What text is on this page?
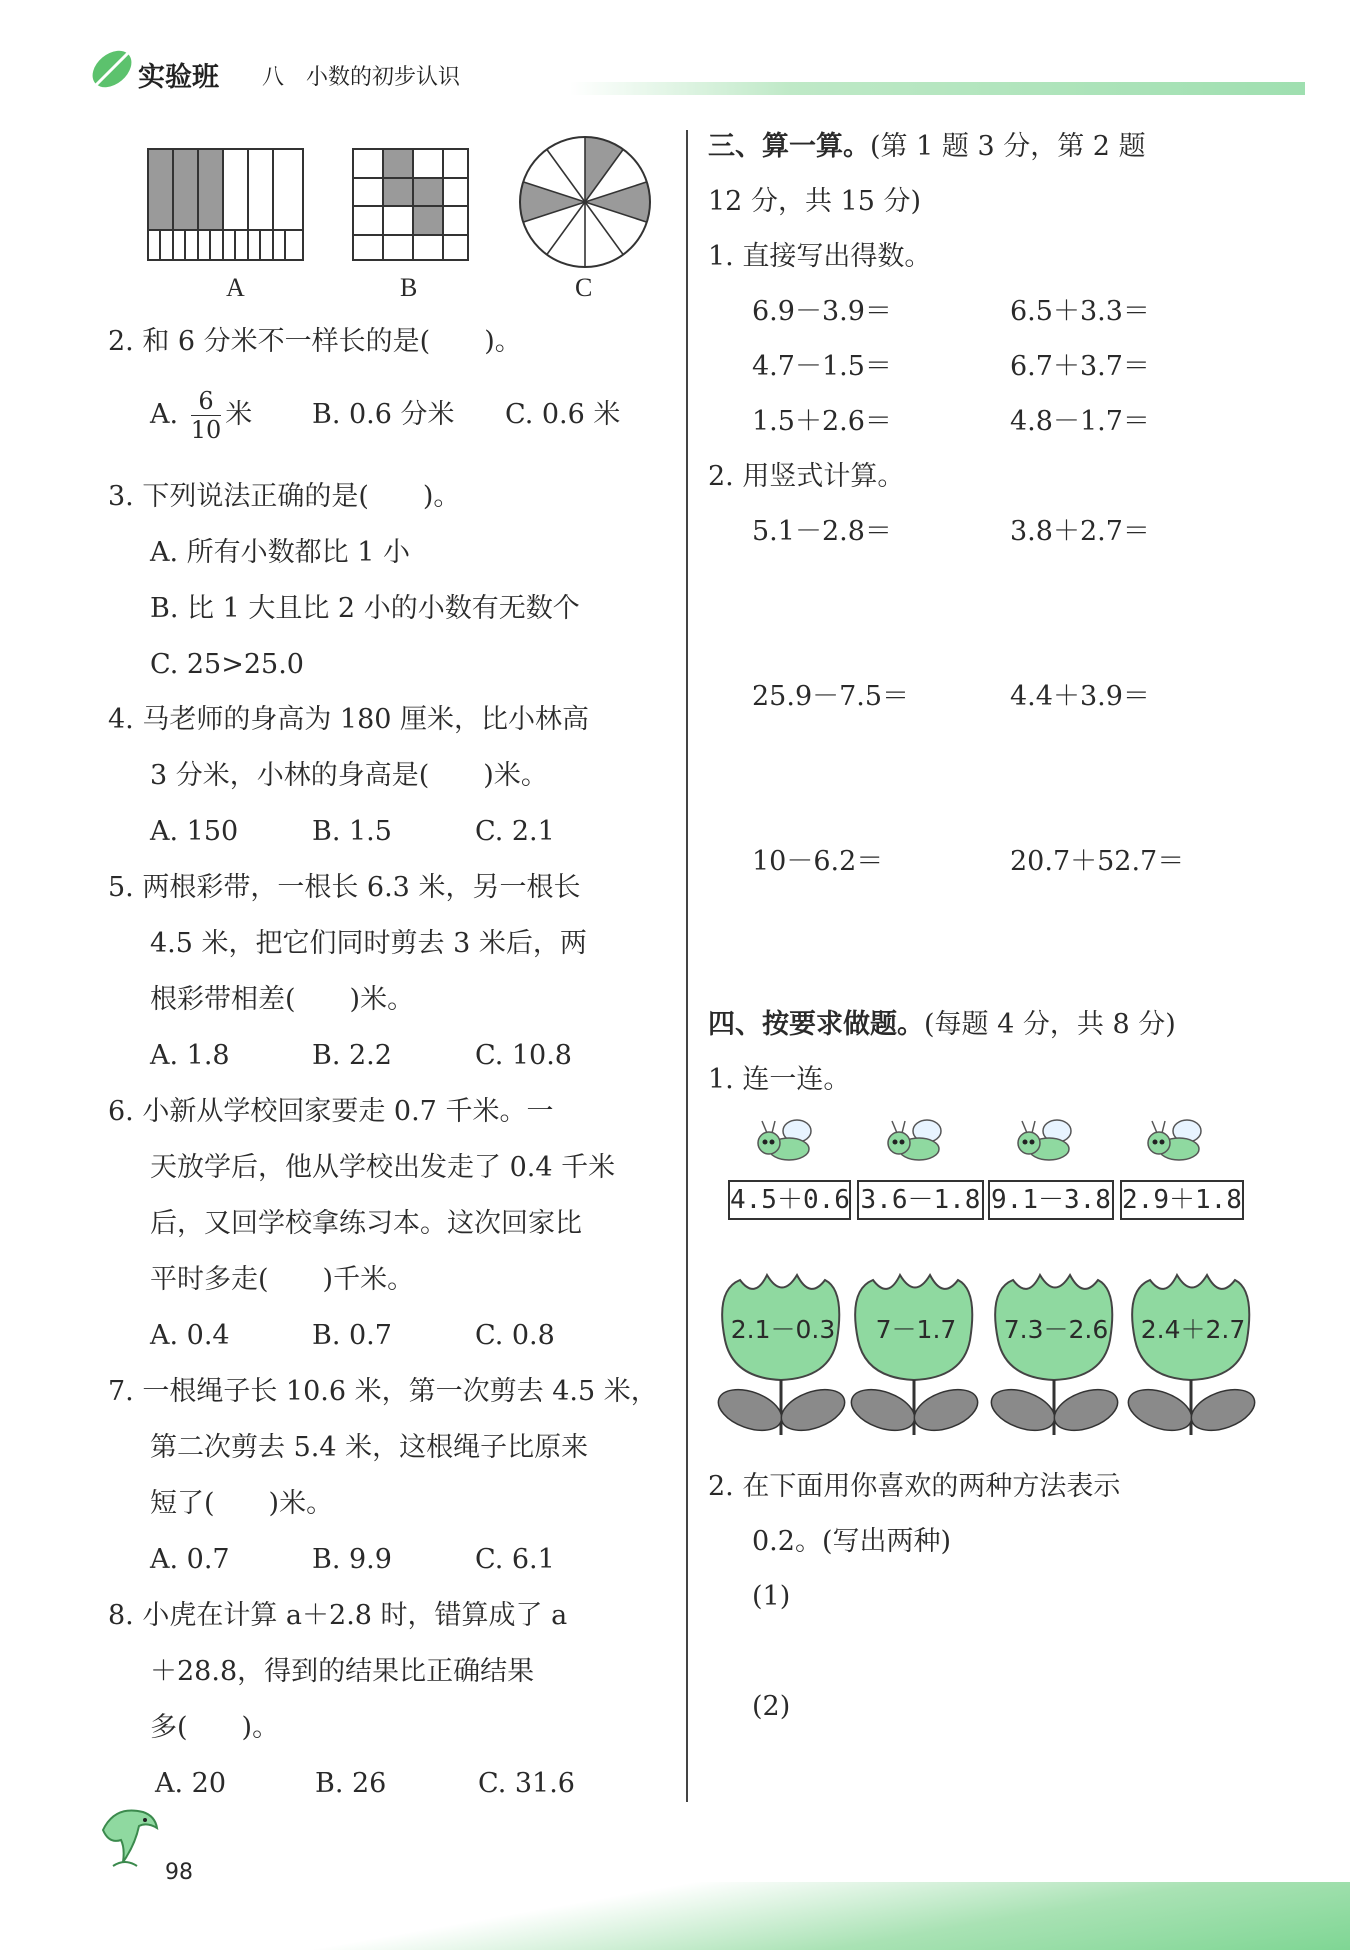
实验班 八　小数的初步认识
A	B	C
2. 和 6 分米不一样长的是(　　)。
A. $\frac{6}{10}$ 米 B. 0.6 分米 C. 0.6 米
3. 下列说法正确的是(　　)。
A. 所有小数都比 1 小
B. 比 1 大且比 2 小的小数有无数个
C. 25>25.0
4. 马老师的身高为 180 厘米，比小林高
3 分米，小林的身高是(　　)米。
A. 150	B. 1.5	C. 2.1
5. 两根彩带，一根长 6.3 米，另一根长
4.5 米，把它们同时剪去 3 米后，两
根彩带相差(　　)米。
A. 1.8	B. 2.2	C. 10.8
6. 小新从学校回家要走 0.7 千米。一
天放学后，他从学校出发走了 0.4 千米
后，又回学校拿练习本。这次回家比
平时多走(　　)千米。
A. 0.4	B. 0.7	C. 0.8
7. 一根绳子长 10.6 米，第一次剪去 4.5 米，
第二次剪去 5.4 米，这根绳子比原来
短了(　　)米。
A. 0.7	B. 9.9	C. 6.1
8. 小虎在计算 a＋2.8 时，错算成了 a
＋28.8，得到的结果比正确结果
多(　　)。
A. 20	B. 26	C. 31.6
三、算一算。(第 1 题 3 分，第 2 题
12 分，共 15 分)
1. 直接写出得数。
6.9－3.9＝	6.5＋3.3＝
4.7－1.5＝	6.7＋3.7＝
1.5＋2.6＝	4.8－1.7＝
2. 用竖式计算。
5.1－2.8＝	3.8＋2.7＝
25.9－7.5＝	4.4＋3.9＝
10－6.2＝	20.7＋52.7＝
四、按要求做题。(每题 4 分，共 8 分)
1. 连一连。
4.5＋0.6 3.6－1.8 9.1－3.8 2.9＋1.8
2.1－0.3	7－1.7	7.3－2.6	2.4＋2.7
2. 在下面用你喜欢的两种方法表示
0.2。(写出两种)
(1)
(2)
98
